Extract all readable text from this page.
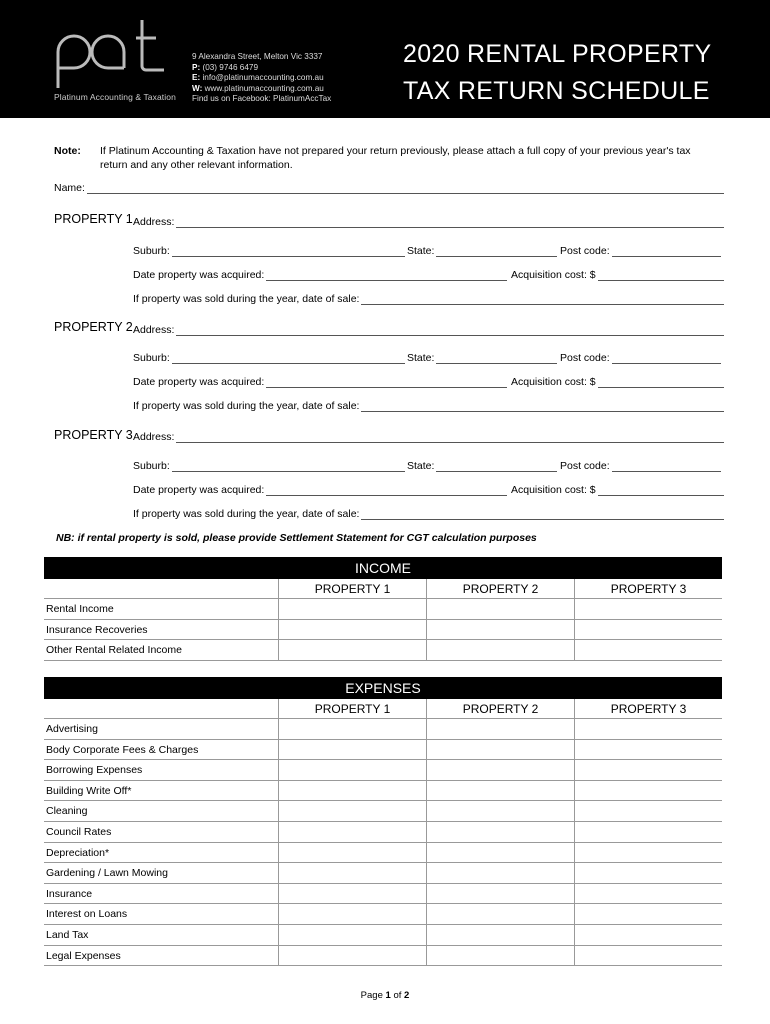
Platinum Accounting & Taxation
9 Alexandra Street, Melton Vic 3337
P: (03) 9746 6479
E: info@platinumaccounting.com.au
W: www.platinumaccounting.com.au
Find us on Facebook: PlatinumAccTax
2020 RENTAL PROPERTY
TAX RETURN SCHEDULE
Note: If Platinum Accounting & Taxation have not prepared your return previously, please attach a full copy of your previous year's tax return and any other relevant information.
Name:
PROPERTY 1 Address:
Suburb:	State:	Post code:
Date property was acquired:	Acquisition cost: $
If property was sold during the year, date of sale:
PROPERTY 2 Address:
Suburb:	State:	Post code:
Date property was acquired:	Acquisition cost: $
If property was sold during the year, date of sale:
PROPERTY 3 Address:
Suburb:	State:	Post code:
Date property was acquired:	Acquisition cost: $
If property was sold during the year, date of sale:
NB: if rental property is sold, please provide Settlement Statement for CGT calculation purposes
INCOME
PROPERTY 1	PROPERTY 2	PROPERTY 3
Rental Income
Insurance Recoveries
Other Rental Related Income
EXPENSES
PROPERTY 1	PROPERTY 2	PROPERTY 3
Advertising
Body Corporate Fees & Charges
Borrowing Expenses
Building Write Off*
Cleaning
Council Rates
Depreciation*
Gardening / Lawn Mowing
Insurance
Interest on Loans
Land Tax
Legal Expenses
Page 1 of 2
